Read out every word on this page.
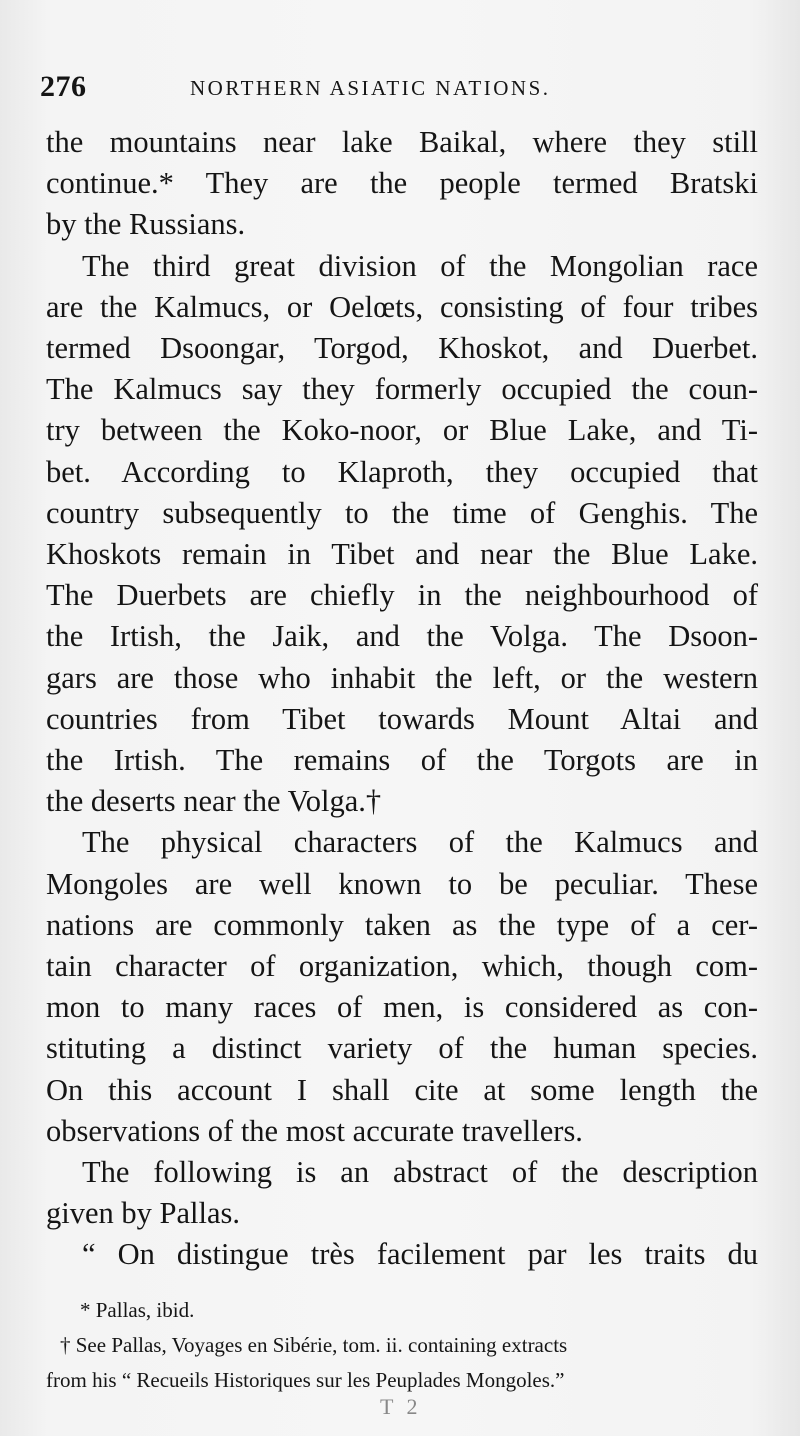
276	NORTHERN ASIATIC NATIONS.

the mountains near lake Baikal, where they still

continue.* They are the people termed Bratski

by the Russians.

The third great division of the Mongolian race

are the Kalmucs, or Oelœts, consisting of four tribes

termed Dsoongar, Torgod, Khoskot, and Duerbet.

The Kalmucs say they formerly occupied the coun-

try between the Koko-noor, or Blue Lake, and Ti-

bet. According to Klaproth, they occupied that

country subsequently to the time of Genghis. The

Khoskots remain in Tibet and near the Blue Lake.

The Duerbets are chiefly in the neighbourhood of

the Irtish, the Jaik, and the Volga. The Dsoon-

gars are those who inhabit the left, or the western

countries from Tibet towards Mount Altai and

the Irtish. The remains of the Torgots are in

the deserts near the Volga.†

The physical characters of the Kalmucs and

Mongoles are well known to be peculiar. These

nations are commonly taken as the type of a cer-

tain character of organization, which, though com-

mon to many races of men, is considered as con-

stituting a distinct variety of the human species.

On this account I shall cite at some length the

observations of the most accurate travellers.

The following is an abstract of the description

given by Pallas.

“ On distingue très facilement par les traits du

* Pallas, ibid.

† See Pallas, Voyages en Sibérie, tom. ii. containing extracts

from his “ Recueils Historiques sur les Peuplades Mongoles.”

T 2
